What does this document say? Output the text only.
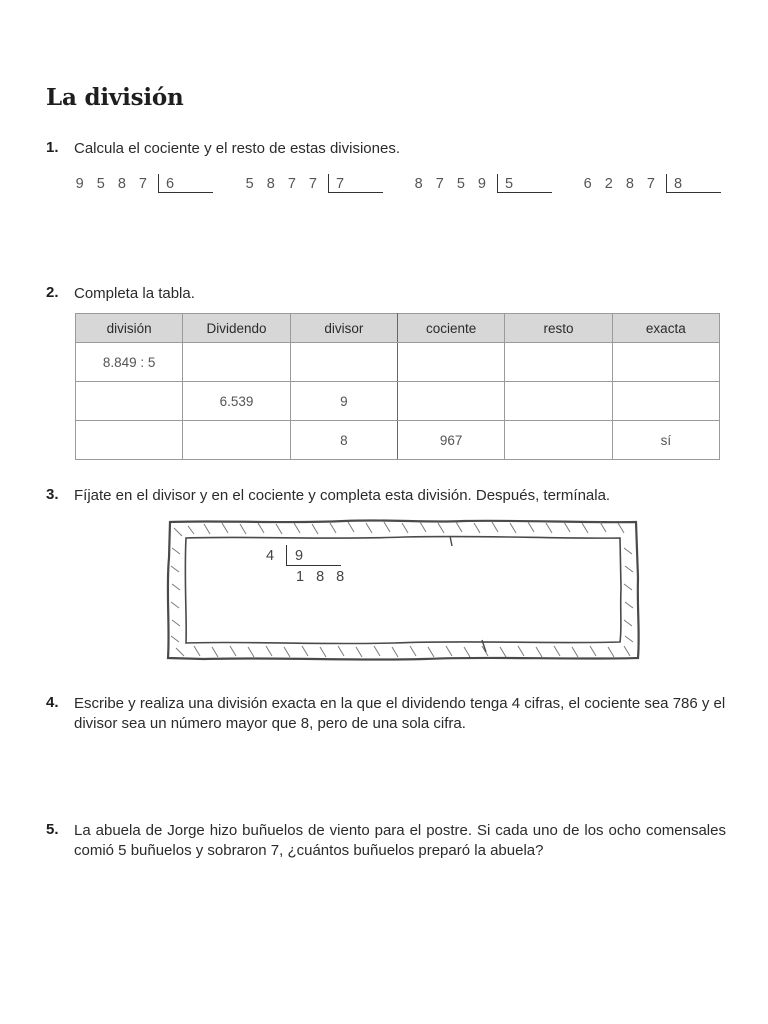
La división
1. Calcula el cociente y el resto de estas divisiones.
9 5 8 7 6	5 8 7 7 7	8 7 5 9 5	6 2 8 7 8
2. Completa la tabla.
división	Dividendo	divisor	cociente	resto	exacta
8.849 : 5					
	6.539	9			
		8	967		sí
3. Fíjate en el divisor y en el cociente y completa esta división. Después, termínala.
4 9
1 8 8
4. Escribe y realiza una división exacta en la que el dividendo tenga 4 cifras, el cociente sea 786 y el divisor sea un número mayor que 8, pero de una sola cifra.
5. La abuela de Jorge hizo buñuelos de viento para el postre. Si cada uno de los ocho comensales comió 5 buñuelos y sobraron 7, ¿cuántos buñuelos preparó la abuela?
